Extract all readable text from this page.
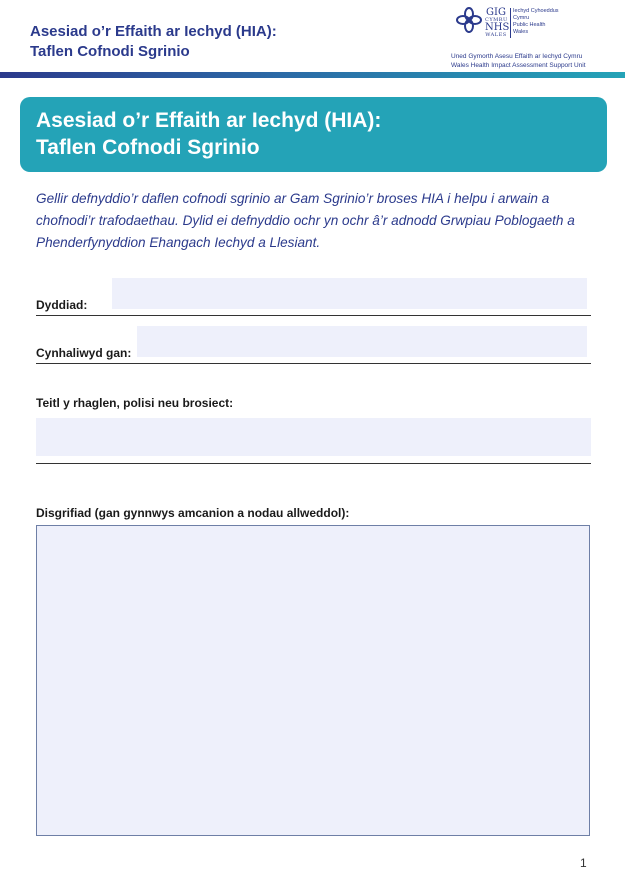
Asesiad o’r Effaith ar Iechyd (HIA):
Taflen Cofnodi Sgrinio
GIG
CYMRU
NHS
WALES
Iechyd Cyhoeddus
Cymru
Public Health
Wales
Uned Gymorth Asesu Effaith ar Iechyd Cymru
Wales Health Impact Assessment Support Unit
Asesiad o’r Effaith ar Iechyd (HIA):
Taflen Cofnodi Sgrinio
Gellir defnyddio’r daflen cofnodi sgrinio ar Gam Sgrinio’r broses HIA i helpu i arwain a chofnodi’r trafodaethau. Dylid ei defnyddio ochr yn ochr â’r adnodd Grwpiau Poblogaeth a Phenderfynyddion Ehangach Iechyd a Llesiant.
Dyddiad:
Cynhaliwyd gan:
Teitl y rhaglen, polisi neu brosiect:
Disgrifiad (gan gynnwys amcanion a nodau allweddol):
1
